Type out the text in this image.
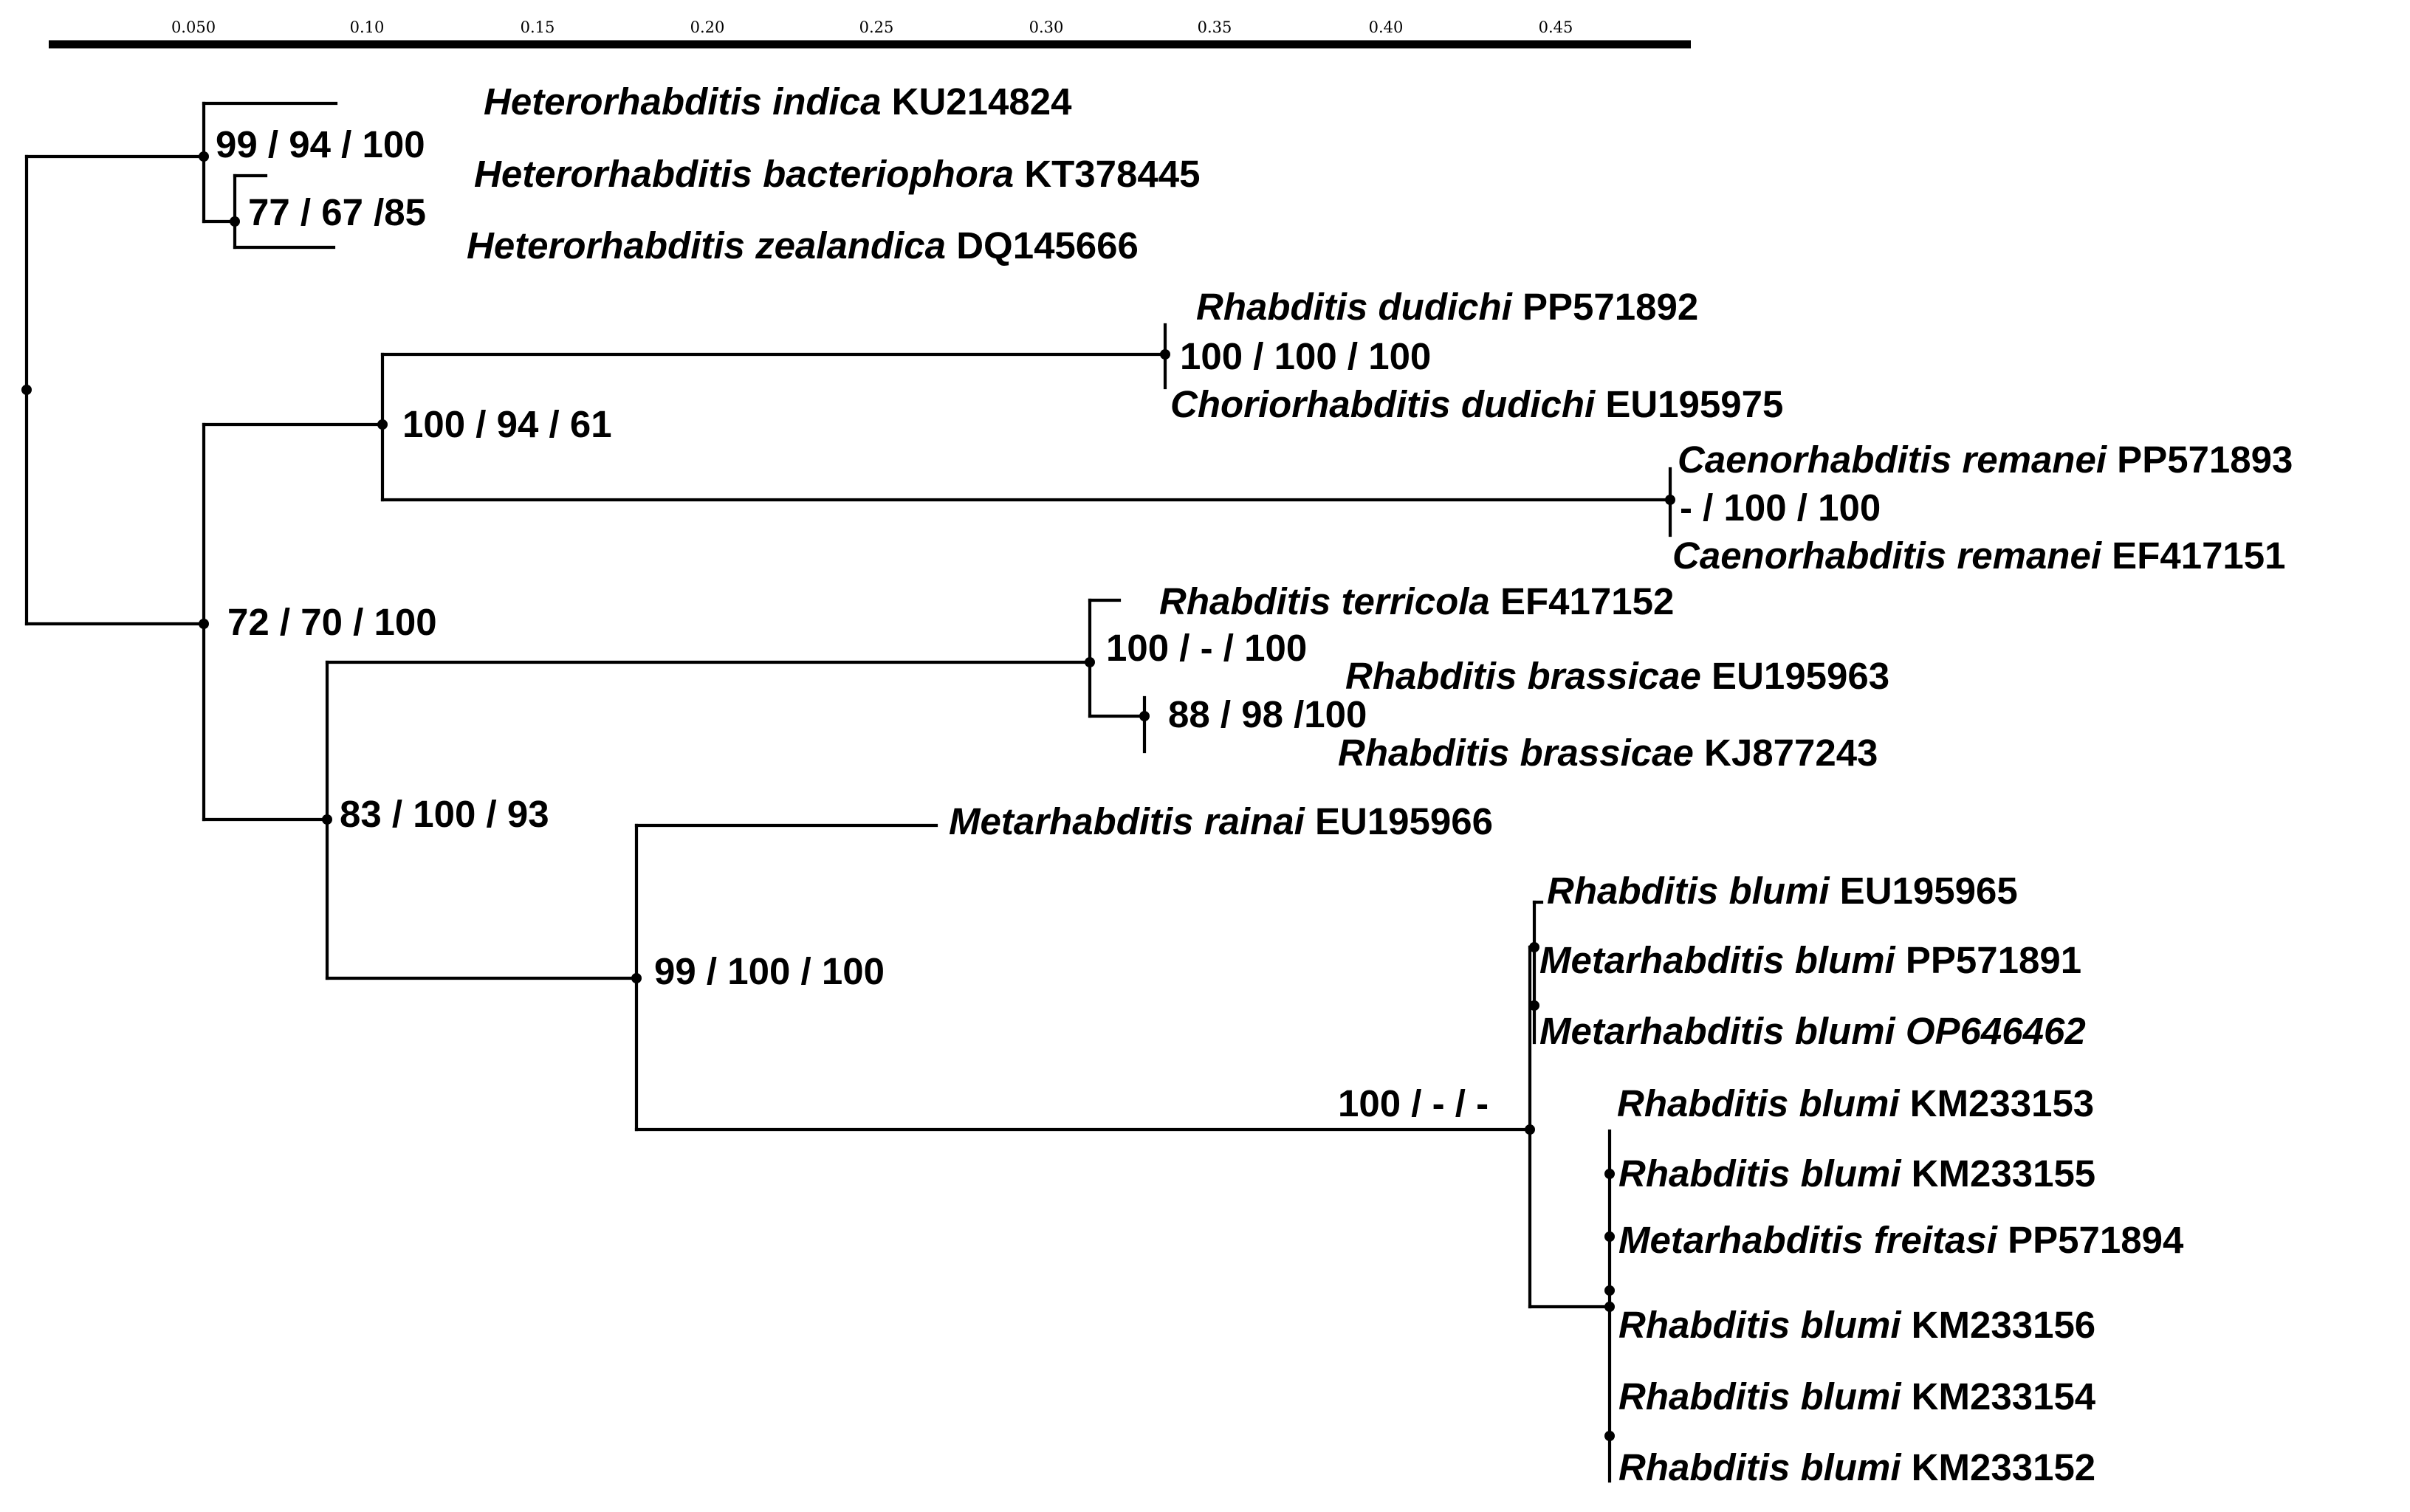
0.050	0.10	0.15	0.20	0.25	0.30	0.35	0.40	0.45
Heterorhabditis indica KU214824
Heterorhabditis bacteriophora KT378445
Heterorhabditis zealandica DQ145666
Rhabditis dudichi PP571892
Choriorhabditis dudichi EU195975
Caenorhabditis remanei PP571893
Caenorhabditis remanei EF417151
Rhabditis terricola EF417152
Rhabditis brassicae EU195963
Rhabditis brassicae KJ877243
Metarhabditis rainai EU195966
Rhabditis blumi EU195965
Metarhabditis blumi PP571891
Metarhabditis blumi OP646462
Rhabditis blumi KM233153
Rhabditis blumi KM233155
Metarhabditis freitasi PP571894
Rhabditis blumi KM233156
Rhabditis blumi KM233154
Rhabditis blumi KM233152
99 / 94 / 100
77 / 67 /85
100 / 100 / 100
100 / 94 / 61
- / 100 / 100
72 / 70 / 100
100 / - / 100
88 / 98 /100
83 / 100 / 93
99 / 100 / 100
100 / - / -
